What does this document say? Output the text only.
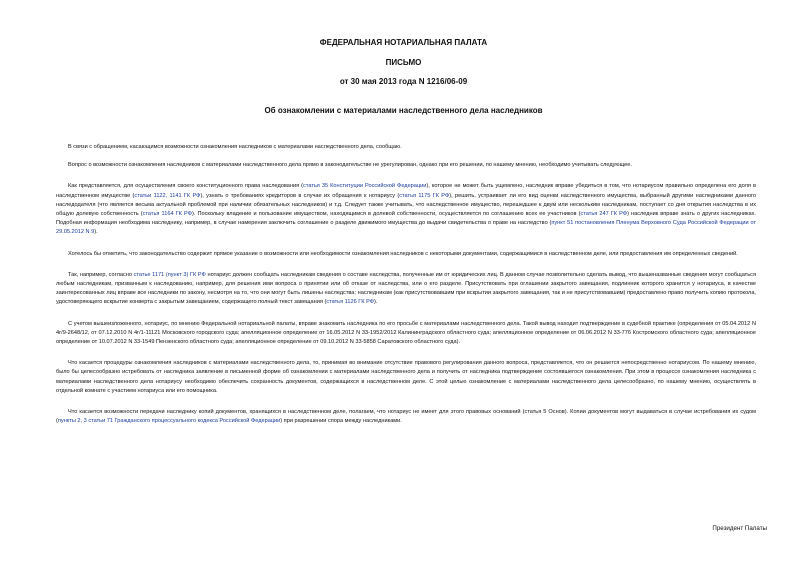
ФЕДЕРАЛЬНАЯ НОТАРИАЛЬНАЯ ПАЛАТА
ПИСЬМО
от 30 мая 2013 года N 1216/06-09
Об ознакомлении с материалами наследственного дела наследников

В связи с обращением, касающимся возможности ознакомления наследников с материалами наследственного дела, сообщаю.

Вопрос о возможности ознакомления наследников с материалами наследственного дела прямо в законодательстве не урегулирован, однако при его решении, по нашему мнению, необходимо учитывать следующее.

Как представляется, для осуществления своего конституционного права наследования (статья 35 Конституции Российской Федерации), которое не может быть ущемлено, наследник вправе убедиться в том, что нотариусом правильно определена его доля в наследственном имуществе (статьи 1122, 1141 ГК РФ), узнать о требованиях кредиторов в случае их обращения к нотариусу (статья 1175 ГК РФ), решить, устраивает ли его вид оценки наследственного имущества, выбранный другими наследниками данного наследодателя (что является весьма актуальной проблемой при наличии обязательных наследников) и т.д. Следует также учитывать, что наследственное имущество, перешедшее к двум или нескольким наследникам, поступает со дня открытия наследства в их общую долевую собственность (статья 1164 ГК РФ). Поскольку владение и пользование имуществом, находящимся в долевой собственности, осуществляется по соглашению всех ее участников (статья 247 ГК РФ) наследник вправе знать о других наследниках. Подобная информация необходима наследнику, например, в случае намерения заключить соглашение о разделе движимого имущества до выдачи свидетельства о праве на наследство (пункт 51 постановления Пленума Верховного Суда Российской Федерации от 29.05.2012 N 9).

Хотелось бы отметить, что законодательство содержит прямое указание о возможности или необходимости ознакомления наследников с некоторыми документами, содержащимися в наследственном деле, или предоставления им определенных сведений.

Так, например, согласно статье 1171 (пункт 3) ГК РФ нотариус должен сообщать наследникам сведения о составе наследства, полученные им от юридических лиц. В данном случае позволительно сделать вывод, что вышеназванные сведения могут сообщаться любым наследникам, призванным к наследованию, например, для решения ими вопроса о принятии или об отказе от наследства, или о его разделе. Присутствовать при оглашении закрытого завещания, подлинник которого хранится у нотариуса, в качестве заинтересованных лиц вправе все наследники по закону, несмотря на то, что они могут быть лишены наследства; наследникам (как присутствовавшим при вскрытии закрытого завещания, так и не присутствовавшим) предоставлено право получить копию протокола, удостоверяющего вскрытие конверта с закрытым завещанием, содержащего полный текст завещания (статья 1126 ГК РФ).

С учетом вышеизложенного, нотариус, по мнению Федеральной нотариальной палаты, вправе знакомить наследника по его просьбе с материалами наследственного дела. Такой вывод находит подтверждение в судебной практике (определения от 05.04.2012 N 4г/9-2648/12, от 07.12.2010 N 4г/1-11121 Московского городского суда; апелляционное определение от 16.05.2012 N 33-1952/2012 Калининградского областного суда; апелляционное определение от 06.06.2012 N 33-776 Костромского областного суда; апелляционное определение от 10.07.2012 N 33-1549 Пензенского областного суда; апелляционное определение от 09.10.2012 N 33-5858 Саратовского областного суда).

Что касается процедуры ознакомления наследников с материалами наследственного дела, то, принимая во внимание отсутствие правового регулирования данного вопроса, представляется, что он решается непосредственно нотариусом. По нашему мнению, было бы целесообразно истребовать от наследника заявление в письменной форме об ознакомлении с материалами наследственного дела и получить от наследника подтверждение состоявшегося ознакомления. При этом в процессе ознакомления наследника с материалами наследственного дела нотариусу необходимо обеспечить сохранность документов, содержащихся в наследственном деле. С этой целью ознакомление с материалами наследственного дела целесообразно, по нашему мнению, осуществлять в отдельной комнате с участием нотариуса или его помощника.

Что касается возможности передачи наследнику копий документов, хранящихся в наследственном деле, полагаем, что нотариус не имеет для этого правовых оснований (статья 5 Основ). Копии документов могут выдаваться в случае истребования их судом (пункты 2, 3 статьи 71 Гражданского процессуального кодекса Российской Федерации) при разрешении спора между наследниками.

Президент Палаты
